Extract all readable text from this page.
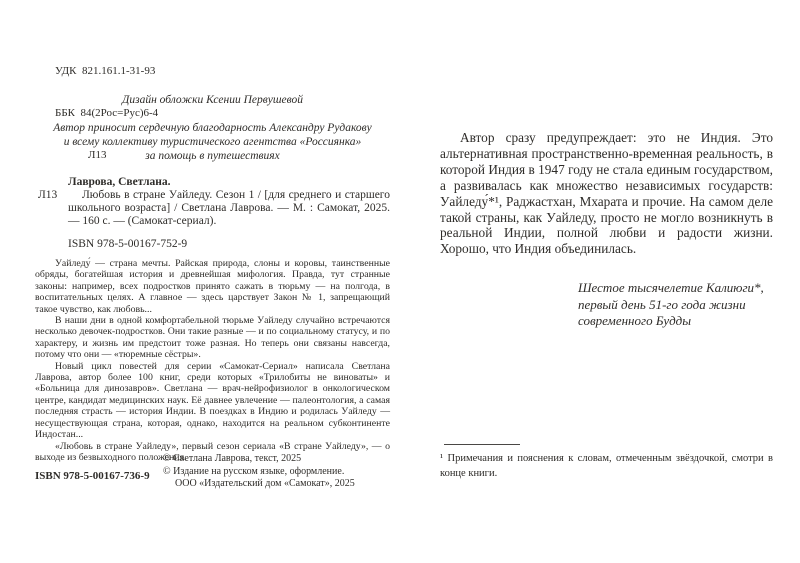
УДК  821.161.1-31-93

ББК  84(2Рос=Рус)6-4

Л13

Дизайн обложки Ксении Первушевой
Автор приносит сердечную благодарность Александру Рудакову
и всему коллективу туристического агентства «Россиянка»
за помощь в путешествиях

Лаврова, Светлана.

Л13	Любовь в стране Уайледу. Сезон 1 / [для среднего и старшего школьного возраста] / Светлана Лаврова. — М. : Самокат, 2025. — 160 с. — (Самокат-сериал).

ISBN 978-5-00167-752-9

Уайледу́ — страна мечты. Райская природа, слоны и коровы, таинственные обряды, богатейшая история и древнейшая мифология. Правда, тут странные законы: например, всех подростков принято сажать в тюрьму — на полгода, в воспитательных целях. А главное — здесь царствует Закон № 1, запрещающий такое чувство, как любовь...

В наши дни в одной комфортабельной тюрьме Уайледу случайно встречаются несколько девочек-подростков. Они такие разные — и по социальному статусу, и по характеру, и жизнь им предстоит тоже разная. Но теперь они связаны навсегда, потому что они — «тюремные сёстры».

Новый цикл повестей для серии «Самокат-Сериал» написала Светлана Лаврова, автор более 100 книг, среди которых «Трилобиты не виноваты» и «Больница для динозавров». Светлана — врач-нейрофизиолог в онкологическом центре, кандидат медицинских наук. Её давнее увлечение — палеонтология, а самая последняя страсть — история Индии. В поездках в Индию и родилась Уайледу — несуществующая страна, которая, однако, находится на реальном субконтиненте Индостан...

«Любовь в стране Уайледу», первый сезон сериала «В стране Уайледу», — о выходе из безвыходного положения.

© Светлана Лаврова, текст, 2025
© Издание на русском языке, оформление.
ООО «Издательский дом «Самокат», 2025
ISBN 978-5-00167-736-9

Автор сразу предупреждает: это не Индия. Это альтернативная пространственно-временная реальность, в которой Индия в 1947 году не стала единым государством, а развивалась как множество независимых государств: Уайледу́*¹, Раджастхан, Мхарата и прочие. На самом деле такой страны, как Уайледу, просто не могло возникнуть в реальной Индии, полной любви и радости жизни. Хорошо, что Индия объединилась.

Шестое тысячелетие Калиюги*,
первый день 51-го года жизни
современного Будды

¹ Примечания и пояснения к словам, отмеченным звёздочкой, смотри в конце книги.
